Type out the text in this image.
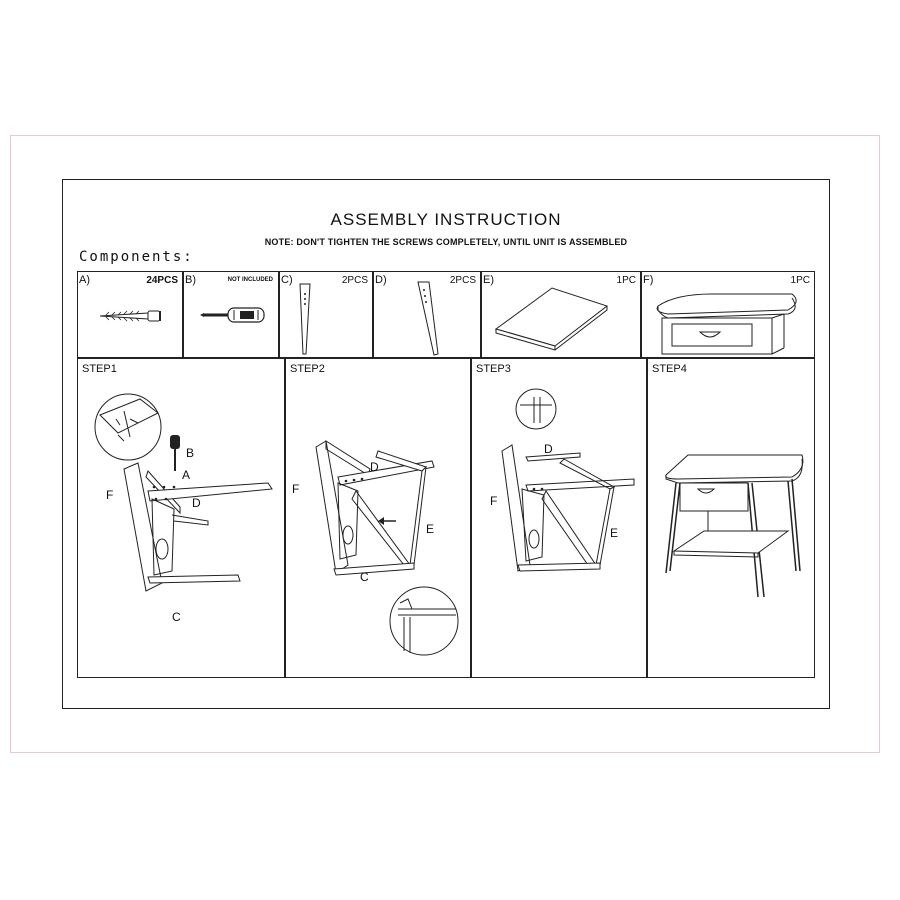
ASSEMBLY INSTRUCTION
NOTE: DON'T TIGHTEN THE SCREWS COMPLETELY, UNTIL UNIT IS ASSEMBLED
Components:
A)	24PCS B)	NOT INCLUDED C)	2PCS D)	2PCS E)	1PC F)	1PC
STEP1
B
A
F
D
C
STEP2
D
F
E
C
STEP3
D
F
E
STEP4
